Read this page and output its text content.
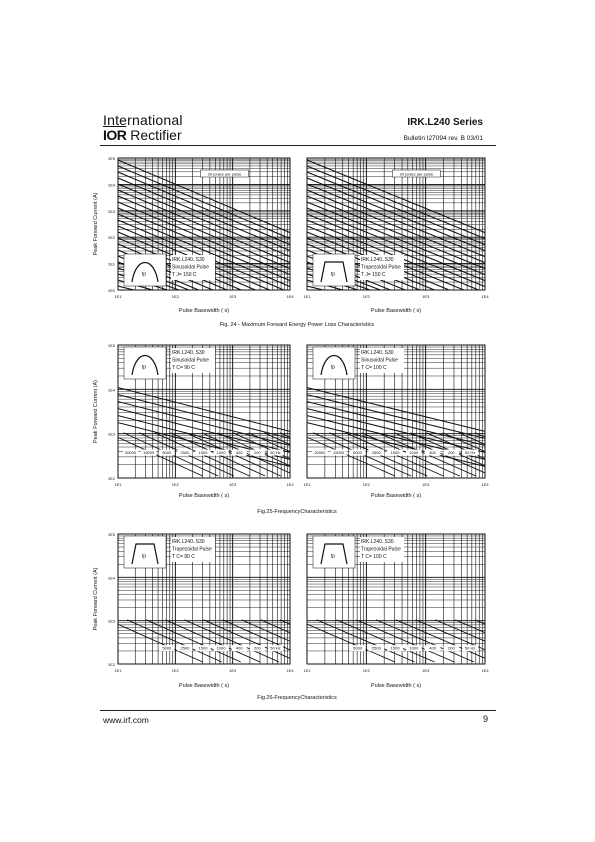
International
$\overline{IOR}$ Rectifier
IRK.L240 Series
Bulletin I27094 rev. B 03/01
Peak Forward Current (A)
1E5
1E4
1E3
1E2
1E1
1E0
1E1	1E2	1E3	1E4
Pulse Basewidth ( s)
20 joules per pulse
tp
IRK.L240..S30
Sinusoidal Pulse
T J= 150 C
1E1	1E2	1E3	1E4
Pulse Basewidth ( s)
20 joules per pulse
tp
IRK.L240..S30
Trapezoidal Pulse
T J= 150 C
Fig. 24 - Maximum Forward Energy Power Loss Characteristics
Peak Forward Current (A)
1E5
1E4
1E3
1E2
1E1	1E2	1E3	1E4
Pulse Basewidth ( s)
20000 15000 5000 2500 1500 1000	400	200 50 Hz
tp
IRK.L240..S30
Sinusoidal Pulse
T C= 90 C
1E1	1E2	1E3	1E4
Pulse Basewidth ( s)
20000 15000 5000 2500 1500 1000	400	200	50 Hz
tp
IRK.L240..S30
Sinusoidal Pulse
T C= 100 C
Fig.25-FrequencyCharacteristics
Peak Forward Current (A)
1E5
1E4
1E3
1E2
1E1	1E2	1E3	1E4
Pulse Basewidth ( s)
5000 2500 1500 1000	400	200 50 Hz
tp
IRK.L240..S30
Trapezoidal Pulse
T C= 90 C
1E1	1E2	1E3	1E4
Pulse Basewidth ( s)
5000 2500 1500 1000	400	200	50 Hz
tp
IRK.L240..S30
Trapezoidal Pulse
T C= 100 C
Fig.26-FrequencyCharacteristics
www.irf.com	9
